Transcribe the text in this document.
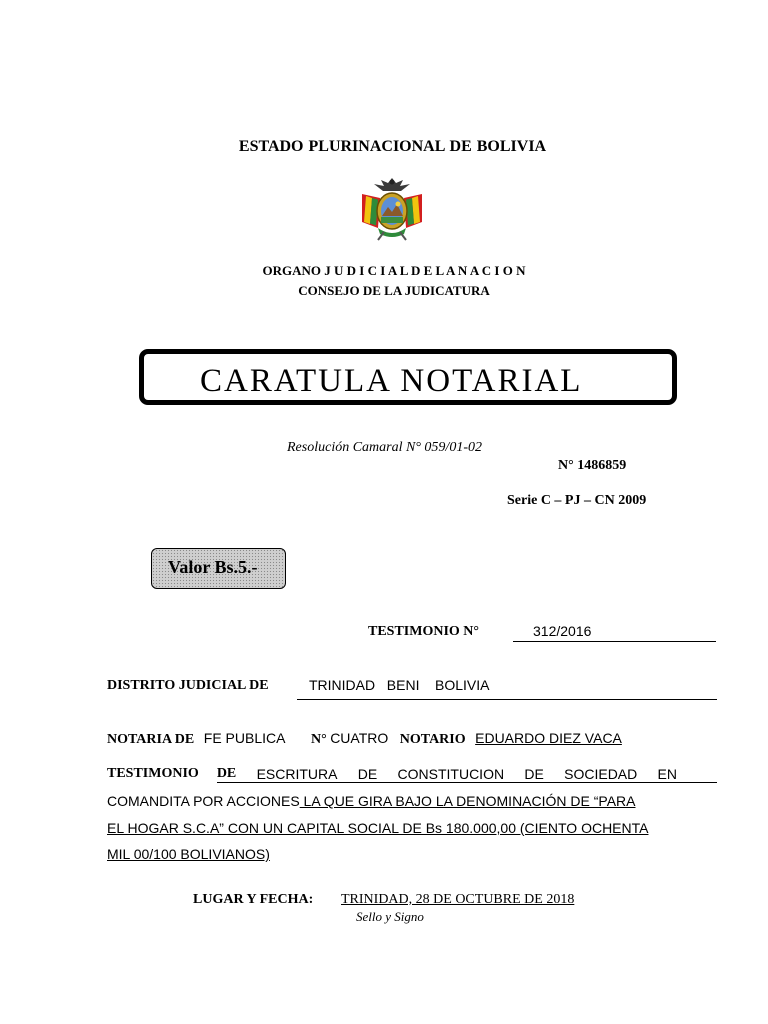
ESTADO PLURINACIONAL DE BOLIVIA
ORGANO J U D I C I A L D E L A N A C I O N
CONSEJO DE LA JUDICATURA
CARATULA NOTARIAL
Resolución Camaral N° 059/01-02
N° 1486859
Serie C – PJ – CN 2009
Valor Bs.5.-
TESTIMONIO N°	312/2016
DISTRITO JUDICIAL DE	TRINIDAD   BENI    BOLIVIA
NOTARIA DE FE PUBLICA N° CUATRO NOTARIO EDUARDO DIEZ VACA
TESTIMONIO DE ESCRITURA DE CONSTITUCION DE SOCIEDAD EN
COMANDITA POR ACCIONES LA QUE GIRA BAJO LA DENOMINACIÓN DE “PARA
EL HOGAR S.C.A” CON UN CAPITAL SOCIAL DE Bs 180.000,00 (CIENTO OCHENTA
MIL 00/100 BOLIVIANOS)
LUGAR Y FECHA: TRINIDAD, 28 DE OCTUBRE DE 2018
Sello y Signo
